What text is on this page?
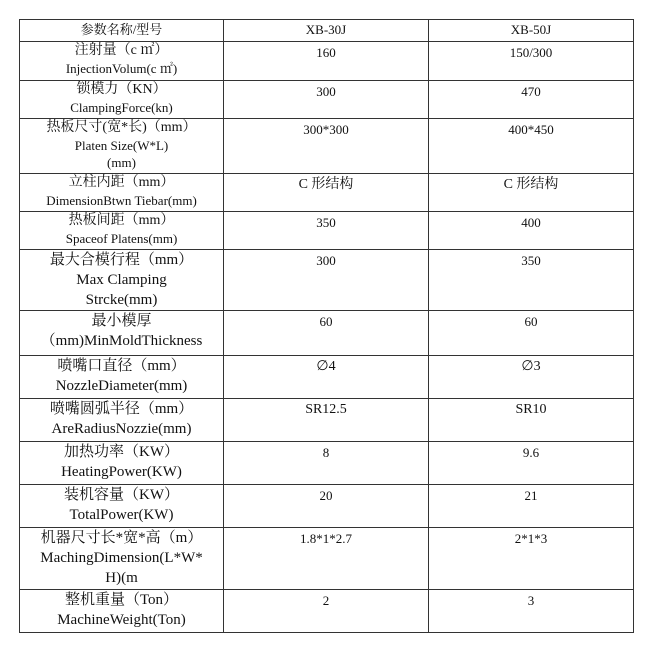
参数名称/型号	XB-30J	XB-50J

注射量（c ㎡）
InjectionVolum(c ㎡)	160	150/300

锁模力（KN）
ClampingForce(kn)	300	470

热板尺寸(宽*长)（mm）
Platen Size(W*L)
(mm)	300*300	400*450

立柱内距（mm）
DimensionBtwn Tiebar(mm)	C 形结构	C 形结构

热板间距（mm）
Spaceof Platens(mm)	350	400

最大合模行程（mm）
Max Clamping
Strcke(mm)	300	350

最小模厚
（mm)MinMoldThickness	60	60

喷嘴口直径（mm）
NozzleDiameter(mm)	∅4	∅3

喷嘴圆弧半径（mm）
AreRadiusNozzie(mm)	SR12.5	SR10

加热功率（KW）
HeatingPower(KW)	8	9.6

装机容量（KW）
TotalPower(KW)	20	21

机器尺寸长*宽*高（m）
MachingDimension(L*W*
H)(m	1.8*1*2.7	2*1*3

整机重量（Ton）
MachineWeight(Ton)	2	3
